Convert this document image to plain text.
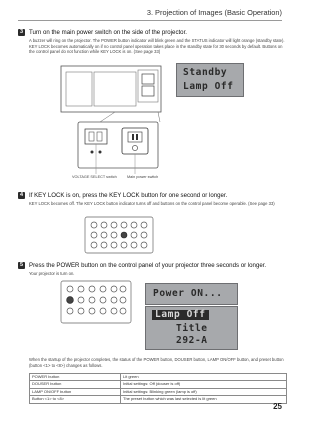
3. Projection of Images (Basic Operation)
3 Turn on the main power switch on the side of the projector.
A buzzer will ring on the projector. The POWER button indicator will blink green and the STATUS indicator will light orange (standby state). KEY LOCK becomes automatically on if no control panel operation takes place in the standby state for 30 seconds by default. Buttons on the control panel do not function while KEY LOCK is on. (See page 33)
VOLTAGE SELECT switch	Main power switch
Standby
Lamp Off
4 If KEY LOCK is on, press the KEY LOCK button for one second or longer.
KEY LOCK becomes off. The KEY LOCK button indicator turns off and buttons on the control panel become operable. (See page 33)
5 Press the POWER button on the control panel of your projector three seconds or longer.
Your projector is turn on.
Power ON...
Lamp Off
Title
292-A
When the startup of the projector completes, the status of the POWER button, DOUSER button, LAMP ON/OFF button, and preset button (button <1> to <8>) changes as follows.
POWER button	Lit green
DOUSER button	Initial settings: Off (douser is off)
LAMP ON/OFF button	Initial settings: Blinking green (lamp is off)
Button <1> to <8>	The preset button which was last selected is lit green
25
